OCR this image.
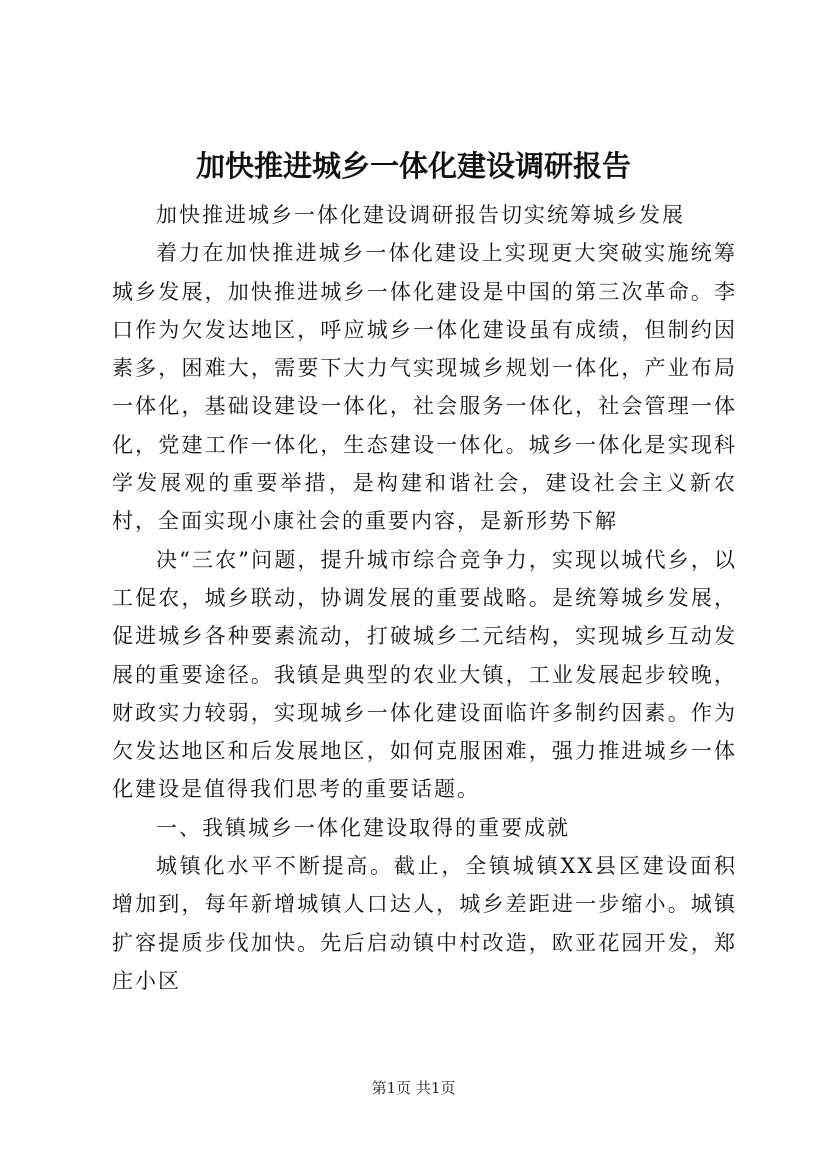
加快推进城乡一体化建设调研报告

加快推进城乡一体化建设调研报告切实统筹城乡发展

着力在加快推进城乡一体化建设上实现更大突破实施统筹城乡发展，加快推进城乡一体化建设是中国的第三次革命。李口作为欠发达地区，呼应城乡一体化建设虽有成绩，但制约因素多，困难大，需要下大力气实现城乡规划一体化，产业布局一体化，基础设建设一体化，社会服务一体化，社会管理一体化，党建工作一体化，生态建设一体化。城乡一体化是实现科学发展观的重要举措，是构建和谐社会，建设社会主义新农村，全面实现小康社会的重要内容，是新形势下解

决“三农”问题，提升城市综合竞争力，实现以城代乡，以工促农，城乡联动，协调发展的重要战略。是统筹城乡发展，促进城乡各种要素流动，打破城乡二元结构，实现城乡互动发展的重要途径。我镇是典型的农业大镇，工业发展起步较晚，财政实力较弱，实现城乡一体化建设面临许多制约因素。作为欠发达地区和后发展地区，如何克服困难，强力推进城乡一体化建设是值得我们思考的重要话题。

一、我镇城乡一体化建设取得的重要成就

城镇化水平不断提高。截止，全镇城镇XX县区建设面积增加到，每年新增城镇人口达人，城乡差距进一步缩小。城镇扩容提质步伐加快。先后启动镇中村改造，欧亚花园开发，郑庄小区

第1页 共1页
